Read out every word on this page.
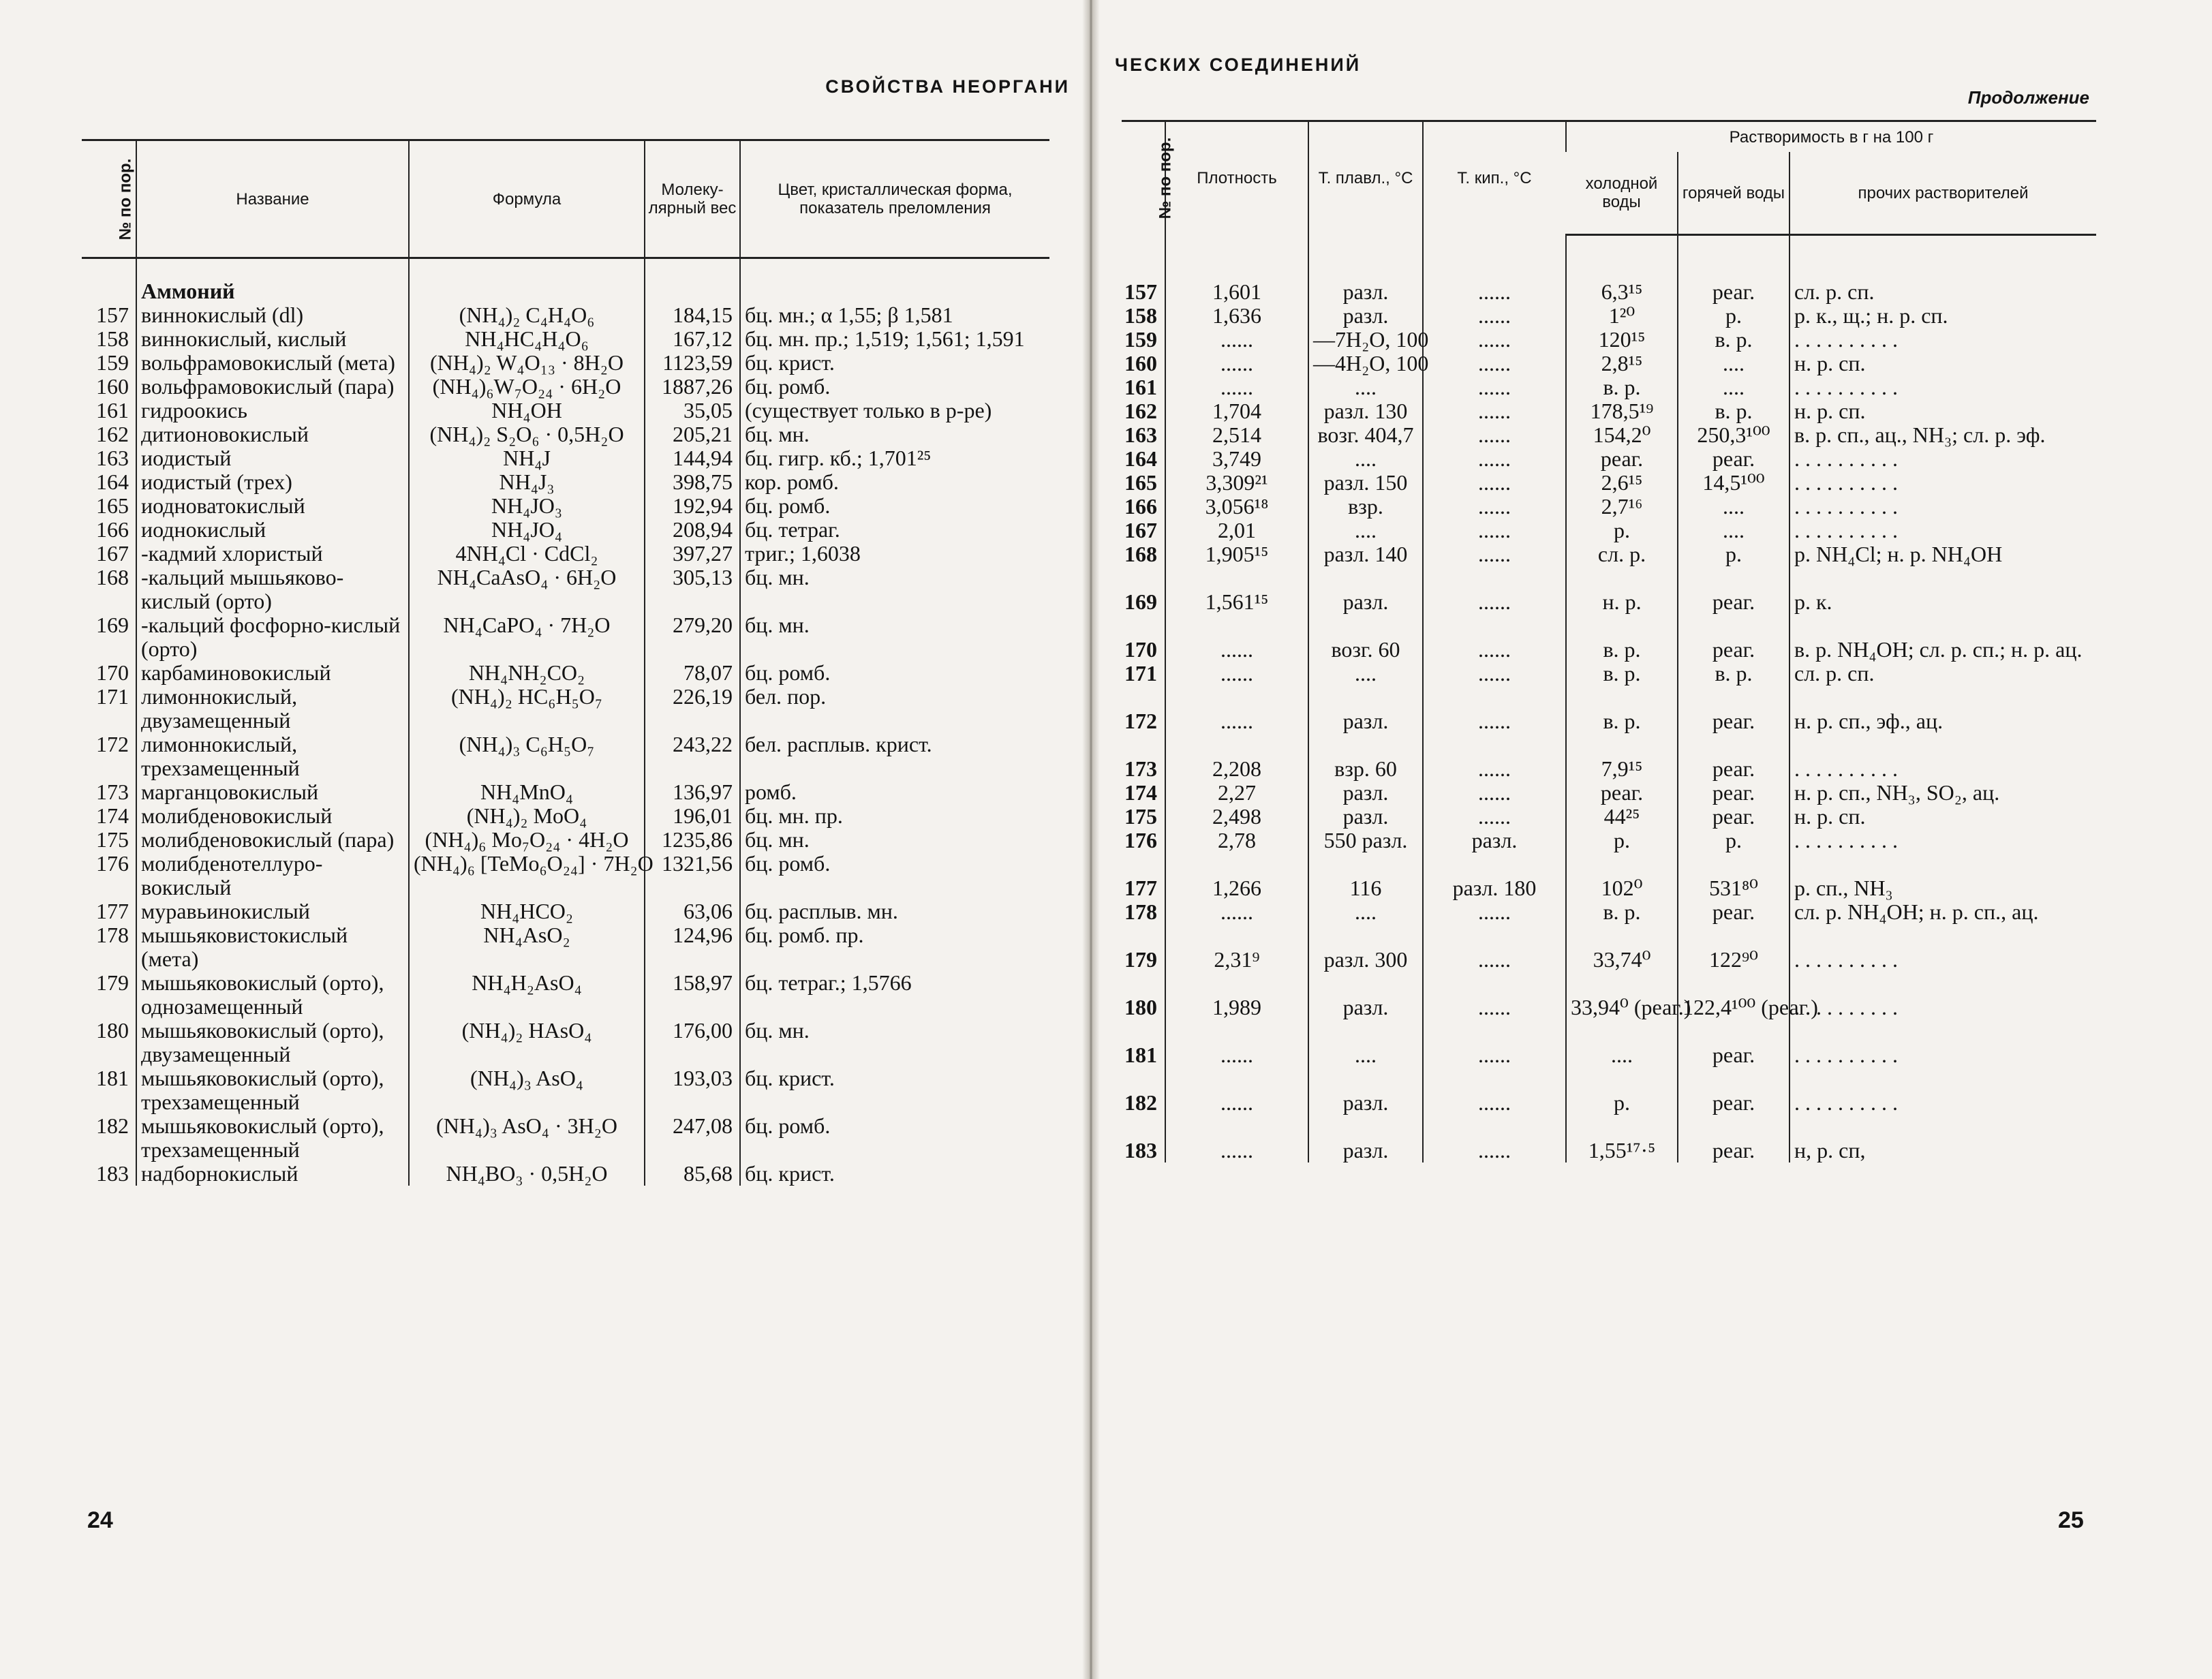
СВОЙСТВА НЕОРГАНИ
№ по пор.	Название	Формула	Молеку-лярный вес	Цвет, кристаллическая форма, показатель преломления
	Аммоний			
157	виннокислый (dl)	(NH₄)₂ C₄H₄O₆	184,15	бц. мн.; α 1,55; β 1,581
158	виннокислый, кислый	NH₄HC₄H₄O₆	167,12	бц. мн. пр.; 1,519; 1,561; 1,591
159	вольфрамовокислый (мета)	(NH₄)₂ W₄O₁₃ · 8H₂O	1123,59	бц. крист.
160	вольфрамовокислый (пара)	(NH₄)₆W₇O₂₄ · 6H₂O	1887,26	бц. ромб.
161	гидроокись	NH₄OH	35,05	(существует только в р-ре)
162	дитионовокислый	(NH₄)₂ S₂O₆ · 0,5H₂O	205,21	бц. мн.
163	иодистый	NH₄J	144,94	бц. гигр. кб.; 1,701²⁵
164	иодистый (трех)	NH₄J₃	398,75	кор. ромб.
165	иодноватокислый	NH₄JO₃	192,94	бц. ромб.
166	иоднокислый	NH₄JO₄	208,94	бц. тетраг.
167	-кадмий хлористый	4NH₄Cl · CdCl₂	397,27	триг.; 1,6038
168	-кальций мышьяково-кислый (орто)	NH₄CaAsO₄ · 6H₂O	305,13	бц. мн.
169	-кальций фосфорно-кислый (орто)	NH₄CaPO₄ · 7H₂O	279,20	бц. мн.
170	карбаминовокислый	NH₄NH₂CO₂	78,07	бц. ромб.
171	лимоннокислый, двузамещенный	(NH₄)₂ HC₆H₅O₇	226,19	бел. пор.
172	лимоннокислый, трехзамещенный	(NH₄)₃ C₆H₅O₇	243,22	бел. расплыв. крист.
173	марганцовокислый	NH₄MnO₄	136,97	ромб.
174	молибденовокислый	(NH₄)₂ MoO₄	196,01	бц. мн. пр.
175	молибденовокислый (пара)	(NH₄)₆ Mo₇O₂₄ · 4H₂O	1235,86	бц. мн.
176	молибденотеллуро-вокислый	(NH₄)₆ [TeMo₆O₂₄] · 7H₂O	1321,56	бц. ромб.
177	муравьинокислый	NH₄HCO₂	63,06	бц. расплыв. мн.
178	мышьяковистокислый (мета)	NH₄AsO₂	124,96	бц. ромб. пр.
179	мышьяковокислый (орто), однозамещенный	NH₄H₂AsO₄	158,97	бц. тетраг.; 1,5766
180	мышьяковокислый (орто), двузамещенный	(NH₄)₂ HAsO₄	176,00	бц. мн.
181	мышьяковокислый (орто), трехзамещенный	(NH₄)₃ AsO₄	193,03	бц. крист.
182	мышьяковокислый (орто), трехзамещенный	(NH₄)₃ AsO₄ · 3H₂O	247,08	бц. ромб.
183	надборнокислый	NH₄BO₃ · 0,5H₂O	85,68	бц. крист.
24
ЧЕСКИХ СОЕДИНЕНИЙ
Продолжение
№ по пор.	Плотность	Т. плавл., °С	Т. кип., °С	Растворимость в г на 100 г		
				холодной воды	горячей воды	прочих растворителей

157	1,601	разл.	......	6,3¹⁵	реаг.	сл. р. сп.
158	1,636	разл.	......	1²⁰	р.	р. к., щ.; н. р. сп.
159	......	—7H₂O, 100	......	120¹⁵	в. р.	. . . . . . . . . .
160	......	—4H₂O, 100	......	2,8¹⁵	....	н. р. сп.
161	......	....	......	в. р.	....	. . . . . . . . . .
162	1,704	разл. 130	......	178,5¹⁹	в. р.	н. р. сп.
163	2,514	возг. 404,7	......	154,2⁰	250,3¹⁰⁰	в. р. сп., ац., NH₃; сл. р. эф.
164	3,749	....	......	реаг.	реаг.	. . . . . . . . . .
165	3,309²¹	разл. 150	......	2,6¹⁵	14,5¹⁰⁰	. . . . . . . . . .
166	3,056¹⁸	взр.	......	2,7¹⁶	....	. . . . . . . . . .
167	2,01	....	......	р.	....	. . . . . . . . . .
168	1,905¹⁵	разл. 140	......	сл. р.	р.	р. NH₄Cl; н. р. NH₄OH
169	1,561¹⁵	разл.	......	н. р.	реаг.	р. к.
170	......	возг. 60	......	в. р.	реаг.	в. р. NH₄OH; сл. р. сп.; н. р. ац.
171	......	....	......	в. р.	в. р.	сл. р. сп.
172	......	разл.	......	в. р.	реаг.	н. р. сп., эф., ац.
173	2,208	взр. 60	......	7,9¹⁵	реаг.	. . . . . . . . . .
174	2,27	разл.	......	реаг.	реаг.	н. р. сп., NH₃, SO₂, ац.
175	2,498	разл.	......	44²⁵	реаг.	н. р. сп.
176	2,78	550 разл.	разл.	р.	р.	. . . . . . . . . .
177	1,266	116	разл. 180	102⁰	531⁸⁰	р. сп., NH₃
178	......	....	......	в. р.	реаг.	сл. р. NH₄OH; н. р. сп., ац.
179	2,31⁹	разл. 300	......	33,74⁰	122⁹⁰	. . . . . . . . . .
180	1,989	разл.	......	33,94⁰ (реаг.)	122,4¹⁰⁰ (реаг.)	. . . . . . . . . .
181	......	....	......	....	реаг.	. . . . . . . . . .
182	......	разл.	......	р.	реаг.	. . . . . . . . . .
183	......	разл.	......	1,55¹⁷·⁵	реаг.	н, р. сп,
25
